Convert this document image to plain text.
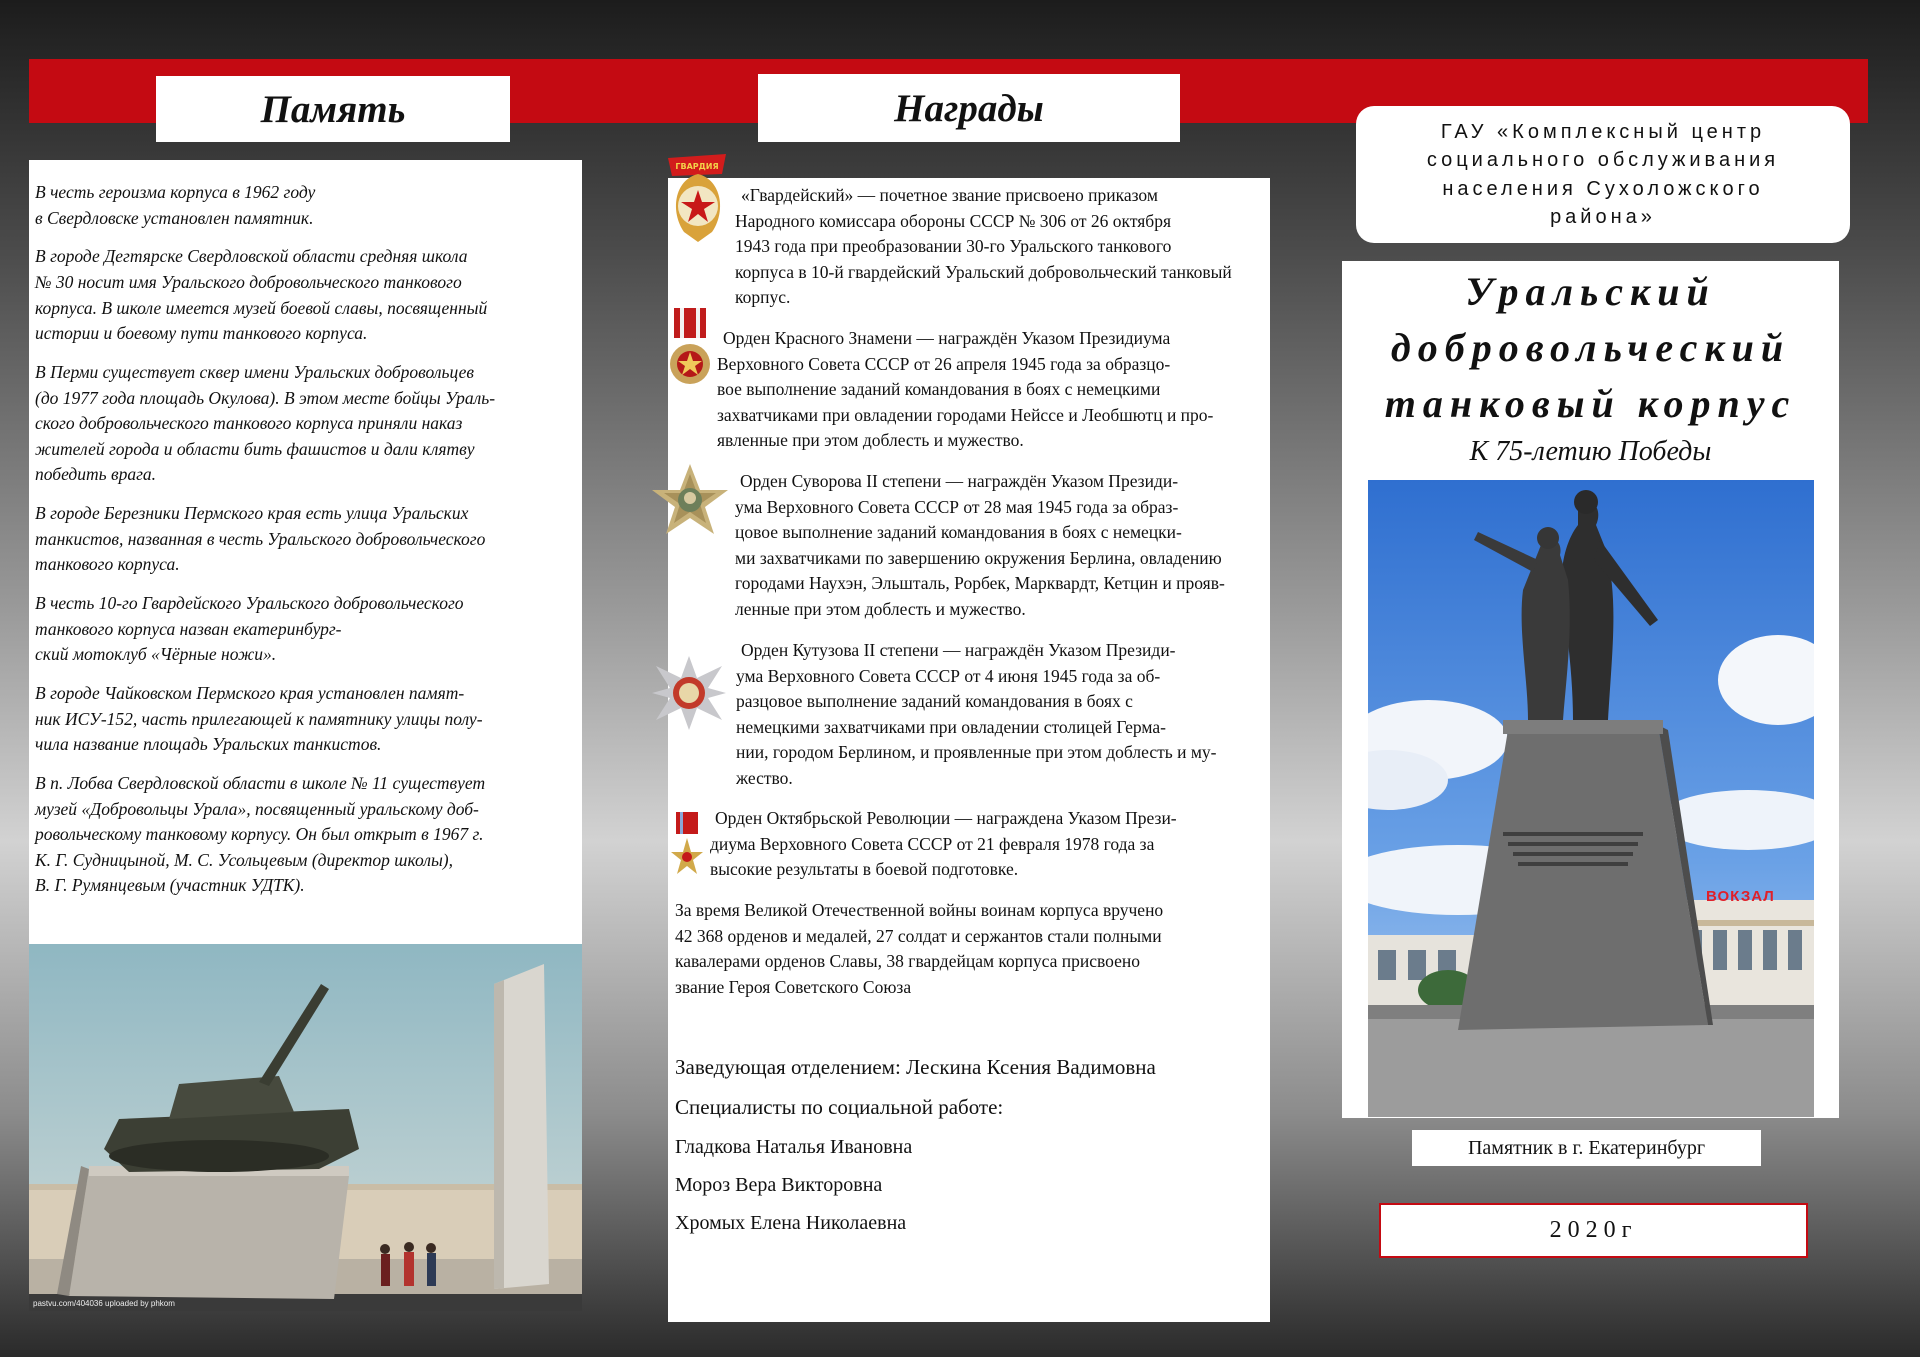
Память

В честь героизма корпуса в 1962 году
в Свердловске установлен памятник.

В городе Дегтярске Свердловской области средняя школа
№ 30 носит имя Уральского добровольческого танкового
корпуса. В школе имеется музей боевой славы, посвященный
истории и боевому пути танкового корпуса.

В Перми существует сквер имени Уральских добровольцев
(до 1977 года площадь Окулова). В этом месте бойцы Ураль-
ского добровольческого танкового корпуса приняли наказ
жителей города и области бить фашистов и дали клятву
победить врага.

В городе Березники Пермского края есть улица Уральских
танкистов, названная в честь Уральского добровольческого
танкового корпуса.

В честь 10-го Гвардейского Уральского добровольческого
танкового корпуса назван екатеринбург-
ский мотоклуб «Чёрные ножи».

В городе Чайковском Пермского края установлен памят-
ник ИСУ-152, часть прилегающей к памятнику улицы полу-
чила название площадь Уральских танкистов.

В п. Лобва Свердловской области в школе № 11 существует
музей «Добровольцы Урала», посвященный уральскому доб-
ровольческому танковому корпусу. Он был открыт в 1967 г.
К. Г. Судницыной, М. С. Усольцевым (директор школы),
В. Г. Румянцевым (участник УДТК).

pastvu.com/404036 uploaded by phkom
Награды
ГВАРДИЯ

«Гвардейский» — почетное звание присвоено приказом

Народного комиссара обороны СССР № 306 от 26 октября
1943 года при преобразовании 30-го Уральского танкового
корпуса в 10-й гвардейский Уральский добровольческий танковый
корпус.

Орден Красного Знамени — награждён Указом Президиума

Верховного Совета СССР от 26 апреля 1945 года за образцо-
вое выполнение заданий командования в боях с немецкими
захватчиками при овладении городами Нейссе и Леобшютц и про-
явленные при этом доблесть и мужество.

Орден Суворова II степени — награждён Указом Президи-

ума Верховного Совета СССР от 28 мая 1945 года за образ-
цовое выполнение заданий командования в боях с немецки-
ми захватчиками по завершению окружения Берлина, овладению
городами Наухэн, Эльшталь, Рорбек, Марквардт, Кетцин и прояв-
ленные при этом доблесть и мужество.

Орден Кутузова II степени — награждён Указом Президи-

ума Верховного Совета СССР от 4 июня 1945 года за об-
разцовое выполнение заданий командования в боях с
немецкими захватчиками при овладении столицей Герма-
нии, городом Берлином, и проявленные при этом доблесть и му-
жество.

Орден Октябрьской Революции — награждена Указом Прези-

диума Верховного Совета СССР от 21 февраля 1978 года за
высокие результаты в боевой подготовке.

За время Великой Отечественной войны воинам корпуса вручено
42 368 орденов и медалей, 27 солдат и сержантов стали полными
кавалерами орденов Славы, 38 гвардейцам корпуса присвоено
звание Героя Советского Союза
Заведующая отделением: Лескина Ксения Вадимовна
Специалисты по социальной работе:
Гладкова Наталья Ивановна
Мороз Вера Викторовна
Хромых Елена Николаевна
ГАУ «Комплексный центр
социального обслуживания
населения Сухоложского
района»
Уральский
добровольческий
танковый корпус
К 75-летию Победы
ВОКЗАЛ
Памятник в г. Екатеринбург
2020г
